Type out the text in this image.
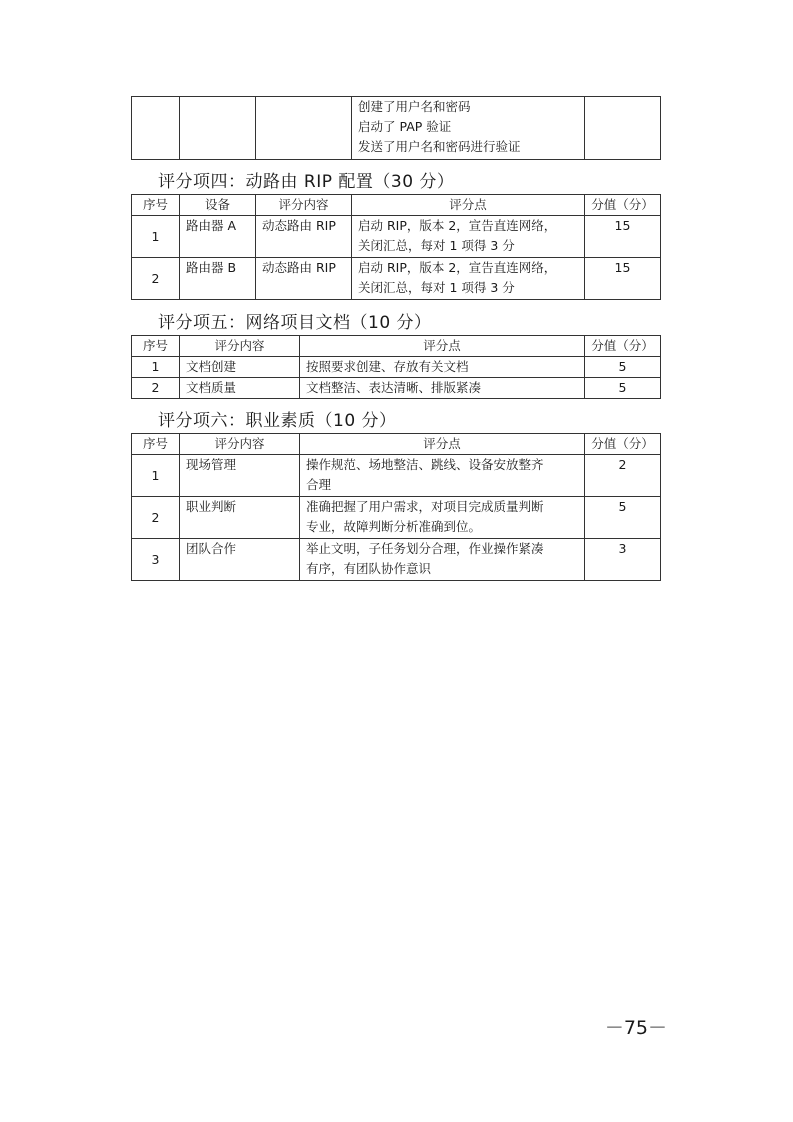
创建了用户名和密码
启动了 PAP 验证
发送了用户名和密码进行验证

评分项四：动路由 RIP 配置（30 分）
序号	设备	评分内容	评分点	分值（分）
1	路由器 A	动态路由 RIP	启动 RIP，版本 2，宣告直连网络，
关闭汇总，每对 1 项得 3 分	15
2	路由器 B	动态路由 RIP	启动 RIP，版本 2，宣告直连网络，
关闭汇总，每对 1 项得 3 分	15
评分项五：网络项目文档（10 分）
序号	评分内容	评分点	分值（分）
1	文档创建	按照要求创建、存放有关文档	5
2	文档质量	文档整洁、表达清晰、排版紧凑	5
评分项六：职业素质（10 分）
序号	评分内容	评分点	分值（分）
1	现场管理	操作规范、场地整洁、跳线、设备安放整齐
合理	2
2	职业判断	准确把握了用户需求，对项目完成质量判断
专业，故障判断分析准确到位。	5
3	团队合作	举止文明，子任务划分合理，作业操作紧凑
有序，有团队协作意识	3
－75－
